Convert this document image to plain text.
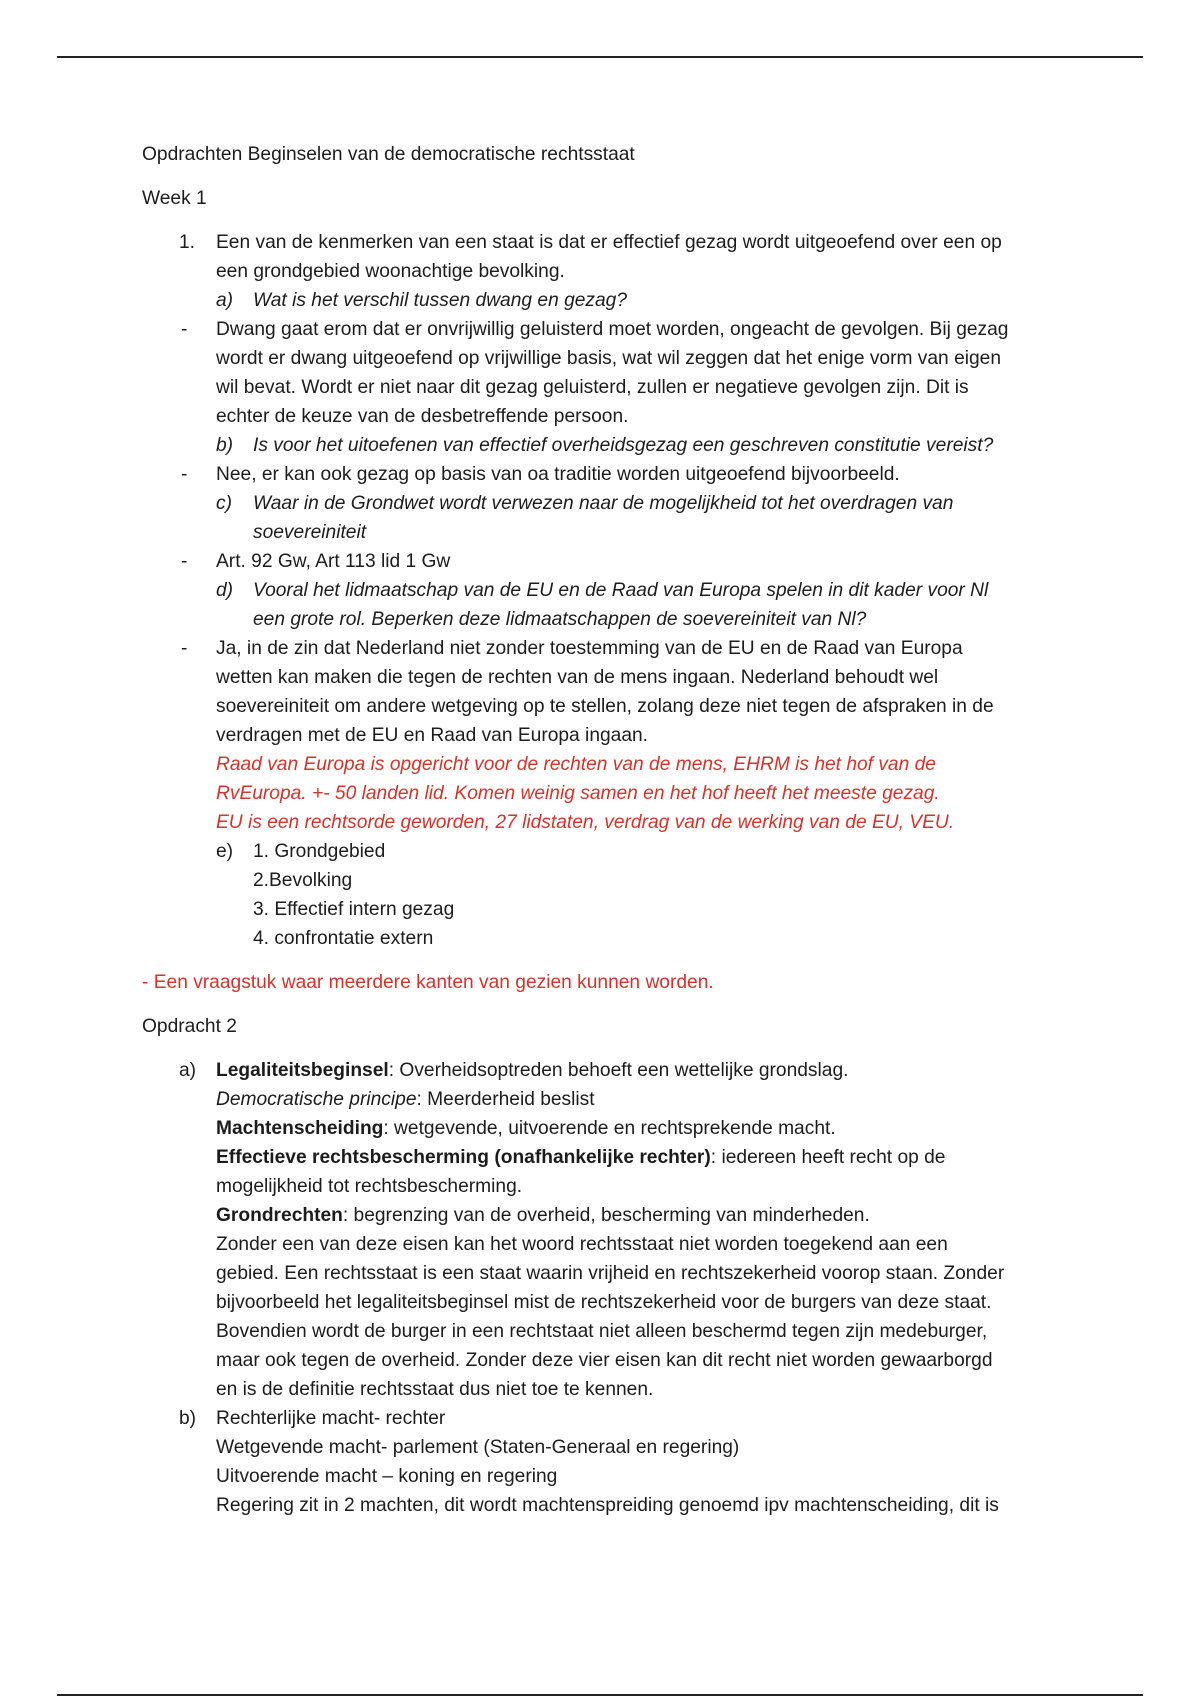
Opdrachten Beginselen van de democratische rechtsstaat
Week 1
1. Een van de kenmerken van een staat is dat er effectief gezag wordt uitgeoefend over een op
een grondgebied woonachtige bevolking.
a) Wat is het verschil tussen dwang en gezag?
- Dwang gaat erom dat er onvrijwillig geluisterd moet worden, ongeacht de gevolgen. Bij gezag
wordt er dwang uitgeoefend op vrijwillige basis, wat wil zeggen dat het enige vorm van eigen
wil bevat. Wordt er niet naar dit gezag geluisterd, zullen er negatieve gevolgen zijn. Dit is
echter de keuze van de desbetreffende persoon.
b) Is voor het uitoefenen van effectief overheidsgezag een geschreven constitutie vereist?
- Nee, er kan ook gezag op basis van oa traditie worden uitgeoefend bijvoorbeeld.
c) Waar in de Grondwet wordt verwezen naar de mogelijkheid tot het overdragen van
soevereiniteit
- Art. 92 Gw, Art 113 lid 1 Gw
d) Vooral het lidmaatschap van de EU en de Raad van Europa spelen in dit kader voor Nl
een grote rol. Beperken deze lidmaatschappen de soevereiniteit van Nl?
- Ja, in de zin dat Nederland niet zonder toestemming van de EU en de Raad van Europa
wetten kan maken die tegen de rechten van de mens ingaan. Nederland behoudt wel
soevereiniteit om andere wetgeving op te stellen, zolang deze niet tegen de afspraken in de
verdragen met de EU en Raad van Europa ingaan.
Raad van Europa is opgericht voor de rechten van de mens, EHRM is het hof van de
RvEuropa. +- 50 landen lid. Komen weinig samen en het hof heeft het meeste gezag.
EU is een rechtsorde geworden, 27 lidstaten, verdrag van de werking van de EU, VEU.
e) 1. Grondgebied
2.Bevolking
3. Effectief intern gezag
4. confrontatie extern
- Een vraagstuk waar meerdere kanten van gezien kunnen worden.
Opdracht 2
a) Legaliteitsbeginsel: Overheidsoptreden behoeft een wettelijke grondslag.
Democratische principe: Meerderheid beslist
Machtenscheiding: wetgevende, uitvoerende en rechtsprekende macht.
Effectieve rechtsbescherming (onafhankelijke rechter): iedereen heeft recht op de
mogelijkheid tot rechtsbescherming.
Grondrechten: begrenzing van de overheid, bescherming van minderheden.
Zonder een van deze eisen kan het woord rechtsstaat niet worden toegekend aan een
gebied. Een rechtsstaat is een staat waarin vrijheid en rechtszekerheid voorop staan. Zonder
bijvoorbeeld het legaliteitsbeginsel mist de rechtszekerheid voor de burgers van deze staat.
Bovendien wordt de burger in een rechtstaat niet alleen beschermd tegen zijn medeburger,
maar ook tegen de overheid. Zonder deze vier eisen kan dit recht niet worden gewaarborgd
en is de definitie rechtsstaat dus niet toe te kennen.
b) Rechterlijke macht- rechter
Wetgevende macht- parlement (Staten-Generaal en regering)
Uitvoerende macht – koning en regering
Regering zit in 2 machten, dit wordt machtenspreiding genoemd ipv machtenscheiding, dit is
